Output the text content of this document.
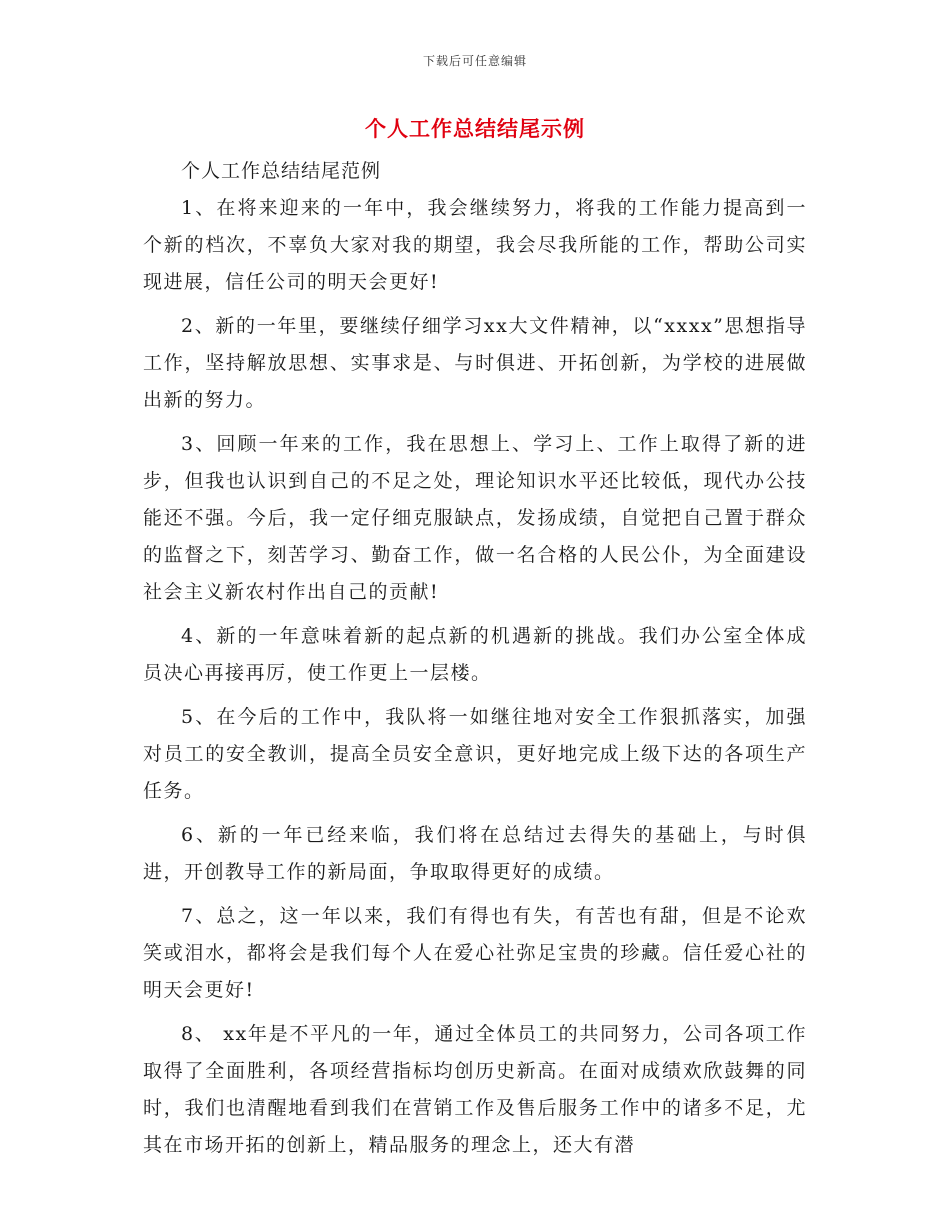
下载后可任意编辑
个人工作总结结尾示例

个人工作总结结尾范例

1、在将来迎来的一年中，我会继续努力，将我的工作能力提高到一个新的档次，不辜负大家对我的期望，我会尽我所能的工作，帮助公司实现进展，信任公司的明天会更好!

2、新的一年里，要继续仔细学习xx大文件精神，以“xxxx”思想指导工作，坚持解放思想、实事求是、与时俱进、开拓创新，为学校的进展做出新的努力。

3、回顾一年来的工作，我在思想上、学习上、工作上取得了新的进步，但我也认识到自己的不足之处，理论知识水平还比较低，现代办公技能还不强。今后，我一定仔细克服缺点，发扬成绩，自觉把自己置于群众的监督之下，刻苦学习、勤奋工作，做一名合格的人民公仆，为全面建设社会主义新农村作出自己的贡献!

4、新的一年意味着新的起点新的机遇新的挑战。我们办公室全体成员决心再接再厉，使工作更上一层楼。

5、在今后的工作中，我队将一如继往地对安全工作狠抓落实，加强对员工的安全教训，提高全员安全意识，更好地完成上级下达的各项生产任务。

6、新的一年已经来临，我们将在总结过去得失的基础上，与时俱进，开创教导工作的新局面，争取取得更好的成绩。

7、总之，这一年以来，我们有得也有失，有苦也有甜，但是不论欢笑或泪水，都将会是我们每个人在爱心社弥足宝贵的珍藏。信任爱心社的明天会更好!

8、 xx年是不平凡的一年，通过全体员工的共同努力，公司各项工作取得了全面胜利，各项经营指标均创历史新高。在面对成绩欢欣鼓舞的同时，我们也清醒地看到我们在营销工作及售后服务工作中的诸多不足，尤其在市场开拓的创新上，精品服务的理念上，还大有潜
